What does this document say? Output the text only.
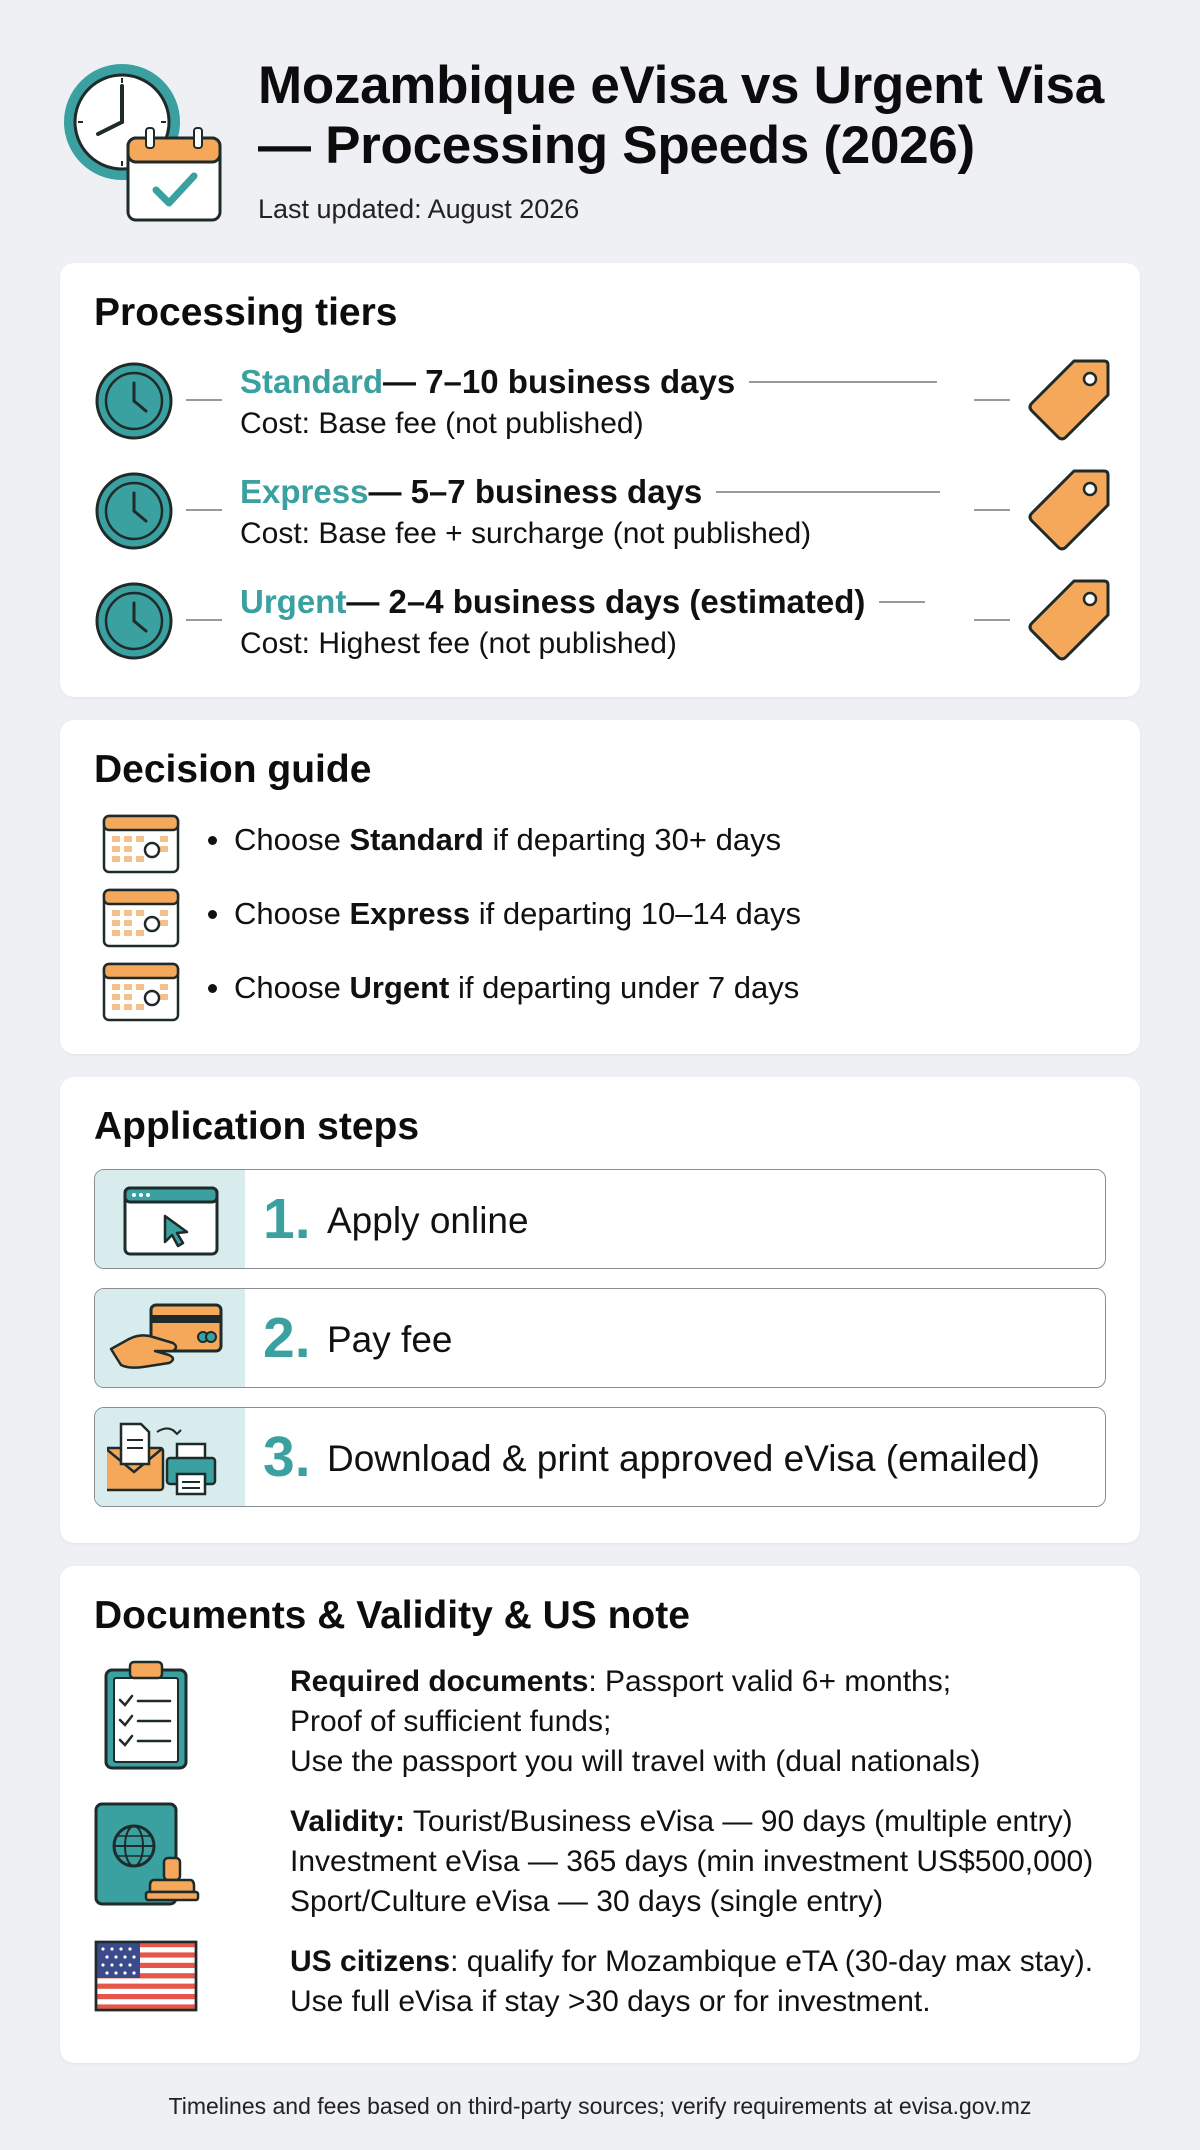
Mozambique eVisa vs Urgent Visa
— Processing Speeds (2026)
Last updated: August 2026
Processing tiers
Standard — 7–10 business days
Cost: Base fee (not published)
Express — 5–7 business days
Cost: Base fee + surcharge (not published)
Urgent — 2–4 business days (estimated)
Cost: Highest fee (not published)
Decision guide
Choose Standard if departing 30+ days
Choose Express if departing 10–14 days
Choose Urgent if departing under 7 days
Application steps
1. Apply online
2. Pay fee
3. Download & print approved eVisa (emailed)
Documents & Validity & US note
Required documents: Passport valid 6+ months;
Proof of sufficient funds;
Use the passport you will travel with (dual nationals)
Validity: Tourist/Business eVisa — 90 days (multiple entry)
Investment eVisa — 365 days (min investment US$500,000)
Sport/Culture eVisa — 30 days (single entry)
US citizens: qualify for Mozambique eTA (30-day max stay).
Use full eVisa if stay >30 days or for investment.
Timelines and fees based on third-party sources; verify requirements at evisa.gov.mz
